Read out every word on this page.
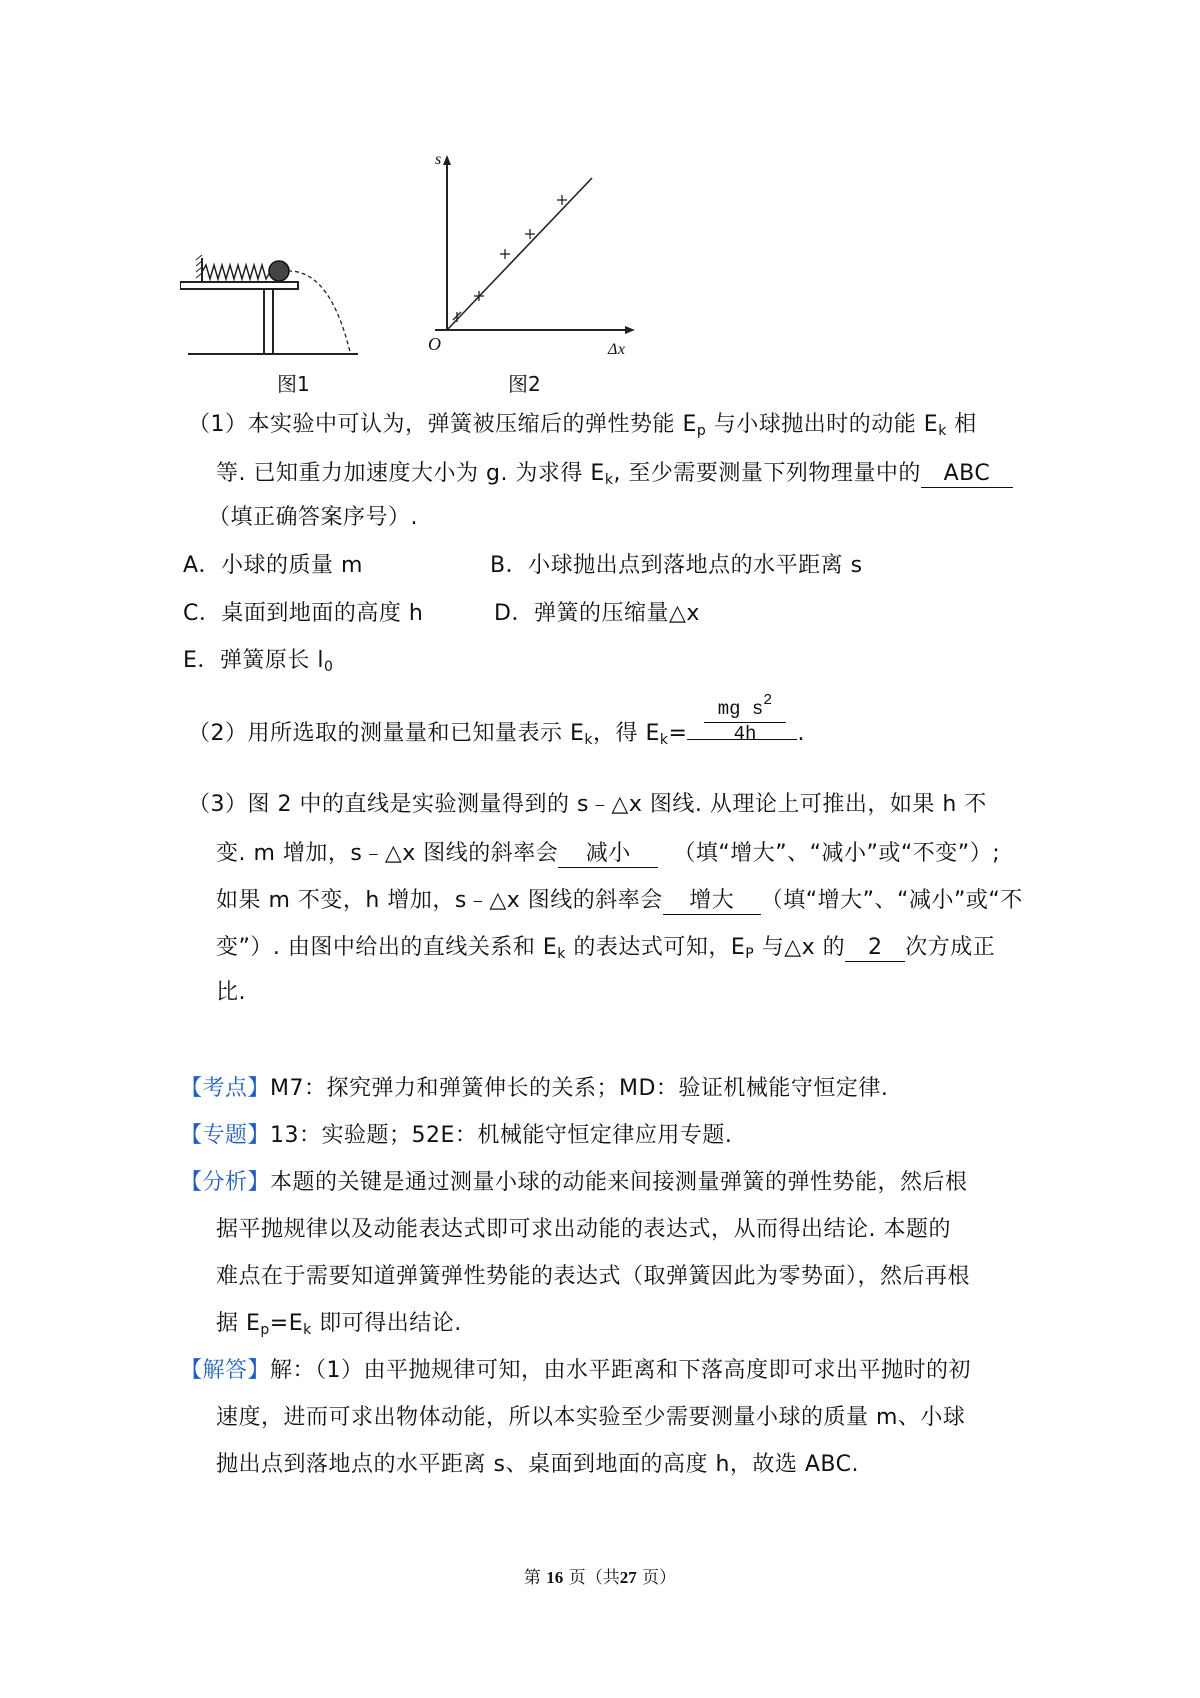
图1
s
Δx
O
图2
（1）本实验中可认为，弹簧被压缩后的弹性势能 $E_p$ 与小球抛出时的动能 $E_k$ 相
等. 已知重力加速度大小为 g. 为求得 $E_k$, 至少需要测量下列物理量中的 ABC
（填正确答案序号）.
A．小球的质量 m	B．小球抛出点到落地点的水平距离 s
C．桌面到地面的高度 h	D．弹簧的压缩量△x
E．弹簧原长 $l_0$
（2）用所选取的测量量和已知量表示 $E_k$，得 $E_k=$	.
mg $s^2$
4h
（3）图 2 中的直线是实验测量得到的 s﹣△x 图线. 从理论上可推出，如果 h 不
变. m 增加，s﹣△x 图线的斜率会 减小 （填“增大”、“减小”或“不变”）;
如果 m 不变，h 增加，s﹣△x 图线的斜率会 增大 （填“增大”、“减小”或“不
变”）. 由图中给出的直线关系和 $E_k$ 的表达式可知，$E_P$ 与△x 的 2 次方成正
比.
【考点】M7：探究弹力和弹簧伸长的关系；MD：验证机械能守恒定律.
【专题】13：实验题；52E：机械能守恒定律应用专题.
【分析】本题的关键是通过测量小球的动能来间接测量弹簧的弹性势能，然后根
据平抛规律以及动能表达式即可求出动能的表达式，从而得出结论. 本题的
难点在于需要知道弹簧弹性势能的表达式（取弹簧因此为零势面），然后再根
据 $E_p=E_k$ 即可得出结论.
【解答】解：（1）由平抛规律可知，由水平距离和下落高度即可求出平抛时的初
速度，进而可求出物体动能，所以本实验至少需要测量小球的质量 m、小球
抛出点到落地点的水平距离 s、桌面到地面的高度 h，故选 ABC.
第 16 页（共27 页）
